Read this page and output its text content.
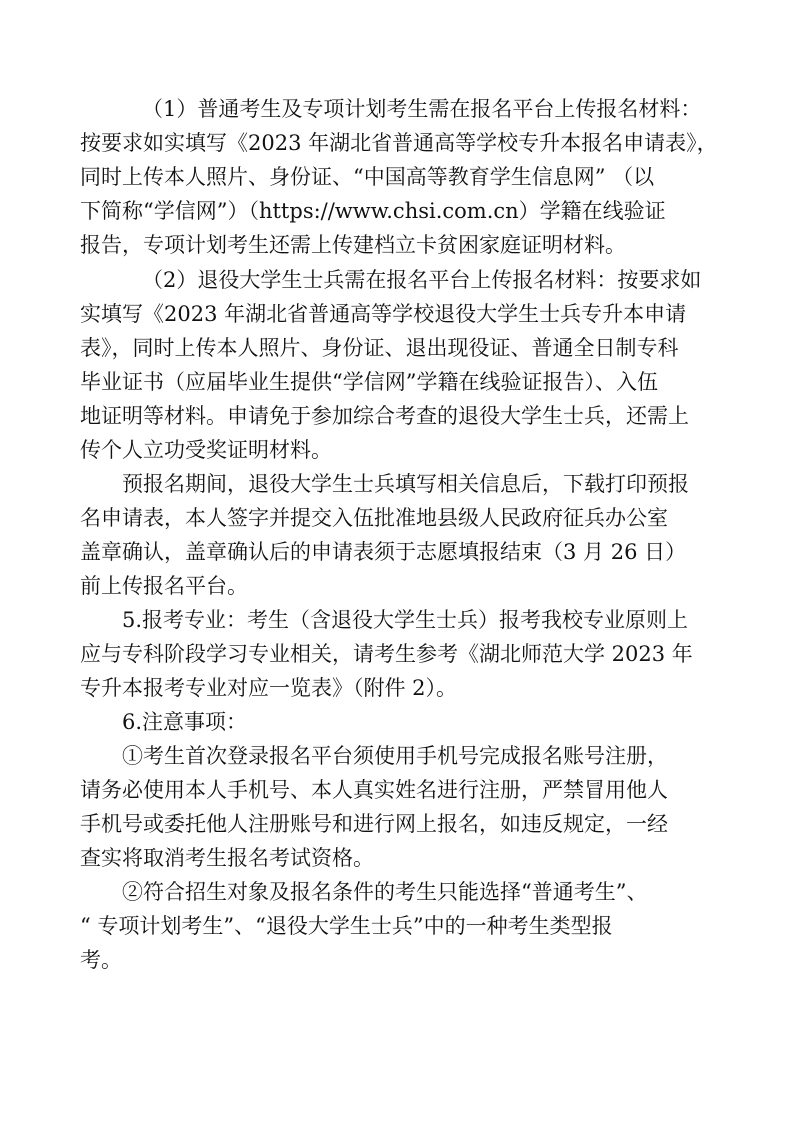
（1）普通考生及专项计划考生需在报名平台上传报名材料：
按要求如实填写《2023 年湖北省普通高等学校专升本报名申请表》，
同时上传本人照片、身份证、“中国高等教育学生信息网” （以
下简称“学信网”）（https://www.chsi.com.cn）学籍在线验证
报告，专项计划考生还需上传建档立卡贫困家庭证明材料。
（2）退役大学生士兵需在报名平台上传报名材料：按要求如
实填写《2023 年湖北省普通高等学校退役大学生士兵专升本申请
表》，同时上传本人照片、身份证、退出现役证、普通全日制专科
毕业证书（应届毕业生提供“学信网”学籍在线验证报告）、入伍
地证明等材料。申请免于参加综合考查的退役大学生士兵，还需上
传个人立功受奖证明材料。
预报名期间，退役大学生士兵填写相关信息后，下载打印预报
名申请表，本人签字并提交入伍批准地县级人民政府征兵办公室
盖章确认，盖章确认后的申请表须于志愿填报结束（3 月 26 日）
前上传报名平台。
5.报考专业：考生（含退役大学生士兵）报考我校专业原则上
应与专科阶段学习专业相关，请考生参考《湖北师范大学 2023 年
专升本报考专业对应一览表》（附件 2）。
6.注意事项：
①考生首次登录报名平台须使用手机号完成报名账号注册，
请务必使用本人手机号、本人真实姓名进行注册，严禁冒用他人
手机号或委托他人注册账号和进行网上报名，如违反规定，一经
查实将取消考生报名考试资格。
②符合招生对象及报名条件的考生只能选择“普通考生”、
“ 专项计划考生”、“退役大学生士兵”中的一种考生类型报
考。
